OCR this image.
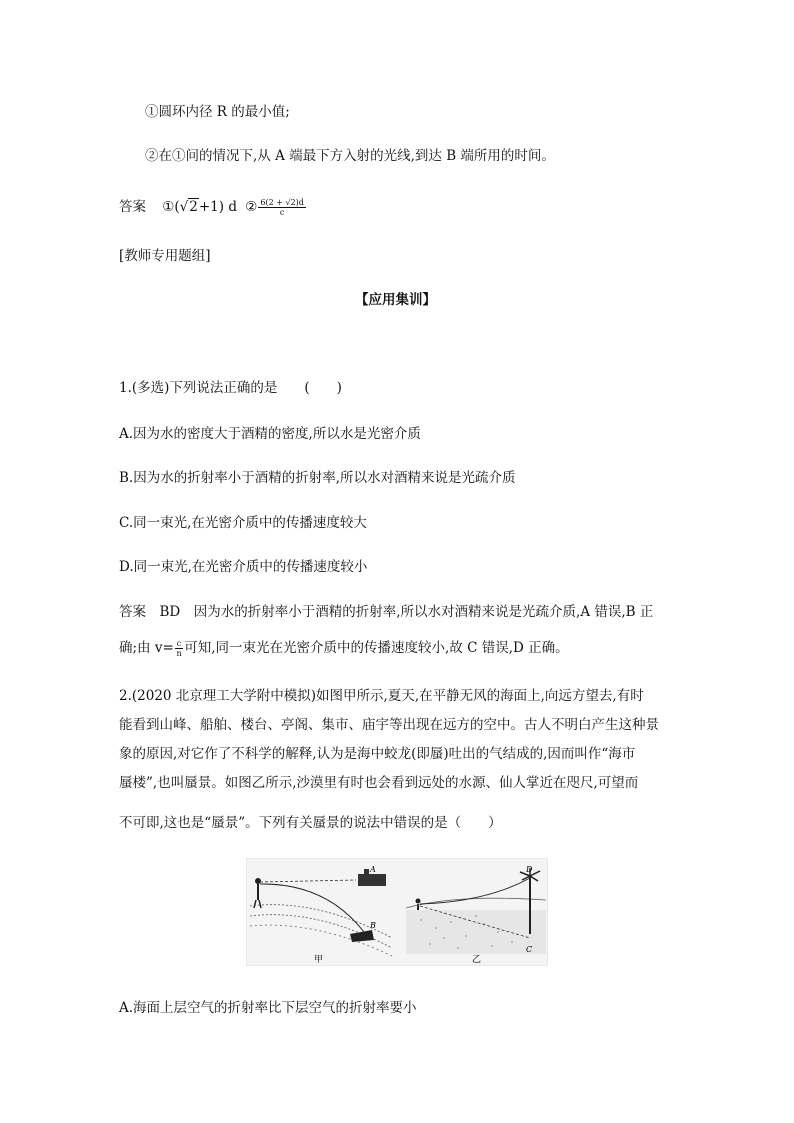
①圆环内径 R 的最小值;
②在①问的情况下,从 A 端最下方入射的光线,到达 B 端所用的时间。
答案 ①(√2+1) d ② $\frac{6(2 + √2)d}{c}$
[教师专用题组]
【应用集训】
1.(多选)下列说法正确的是　　(　　)
A.因为水的密度大于酒精的密度,所以水是光密介质
B.因为水的折射率小于酒精的折射率,所以水对酒精来说是光疏介质
C.同一束光,在光密介质中的传播速度较大
D.同一束光,在光密介质中的传播速度较小
答案　BD　因为水的折射率小于酒精的折射率,所以水对酒精来说是光疏介质,A 错误,B 正
确;由 $v= \frac{c}{n}$ 可知,同一束光在光密介质中的传播速度较小,故 C 错误,D 正确。
2.(2020 北京理工大学附中模拟)如图甲所示,夏天,在平静无风的海面上,向远方望去,有时
能看到山峰、船舶、楼台、亭阁、集市、庙宇等出现在远方的空中。古人不明白产生这种景
象的原因,对它作了不科学的解释,认为是海中蛟龙(即蜃)吐出的气结成的,因而叫作“海市
蜃楼”,也叫蜃景。如图乙所示,沙漠里有时也会看到远处的水源、仙人掌近在咫尺,可望而
不可即,这也是“蜃景”。下列有关蜃景的说法中错误的是（　　）
A
B
甲
D
C
乙
A.海面上层空气的折射率比下层空气的折射率要小
